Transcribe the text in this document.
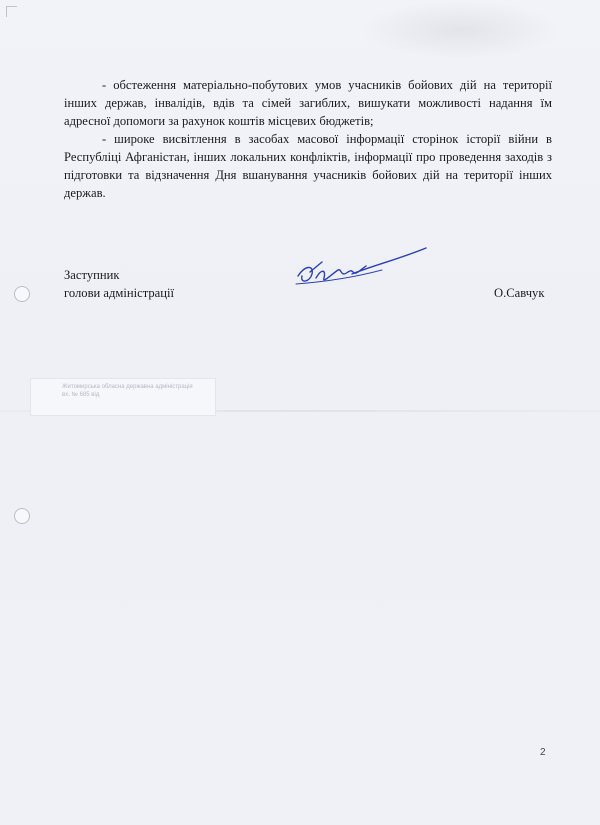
- обстеження матеріально-побутових умов учасників бойових дій на території інших держав, інвалідів, вдів та сімей загиблих, вишукати можливості надання їм адресної допомоги за рахунок коштів місцевих бюджетів;

- широке висвітлення в засобах масової інформації сторінок історії війни в Республіці Афганістан, інших локальних конфліктів, інформації про проведення заходів з підготовки та відзначення Дня вшанування учасників бойових дій на території інших держав.

Заступник
голови адміністрації	О.Савчук
Житомирська обласна державна адміністрація
вх. № 685 від
2
